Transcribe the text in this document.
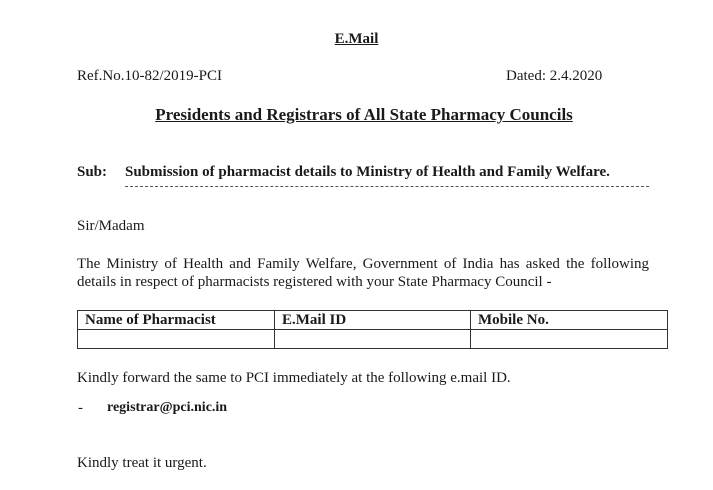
E.Mail
Ref.No.10-82/2019-PCI	Dated: 2.4.2020
Presidents and Registrars of All State Pharmacy Councils
Sub: Submission of pharmacist details to Ministry of Health and Family Welfare.
Sir/Madam
The Ministry of Health and Family Welfare, Government of India has asked the following details in respect of pharmacists registered with your State Pharmacy Council -
Name of Pharmacist	E.Mail ID	Mobile No.

Kindly forward the same to PCI immediately at the following e.mail ID.
- registrar@pci.nic.in
Kindly treat it urgent.
